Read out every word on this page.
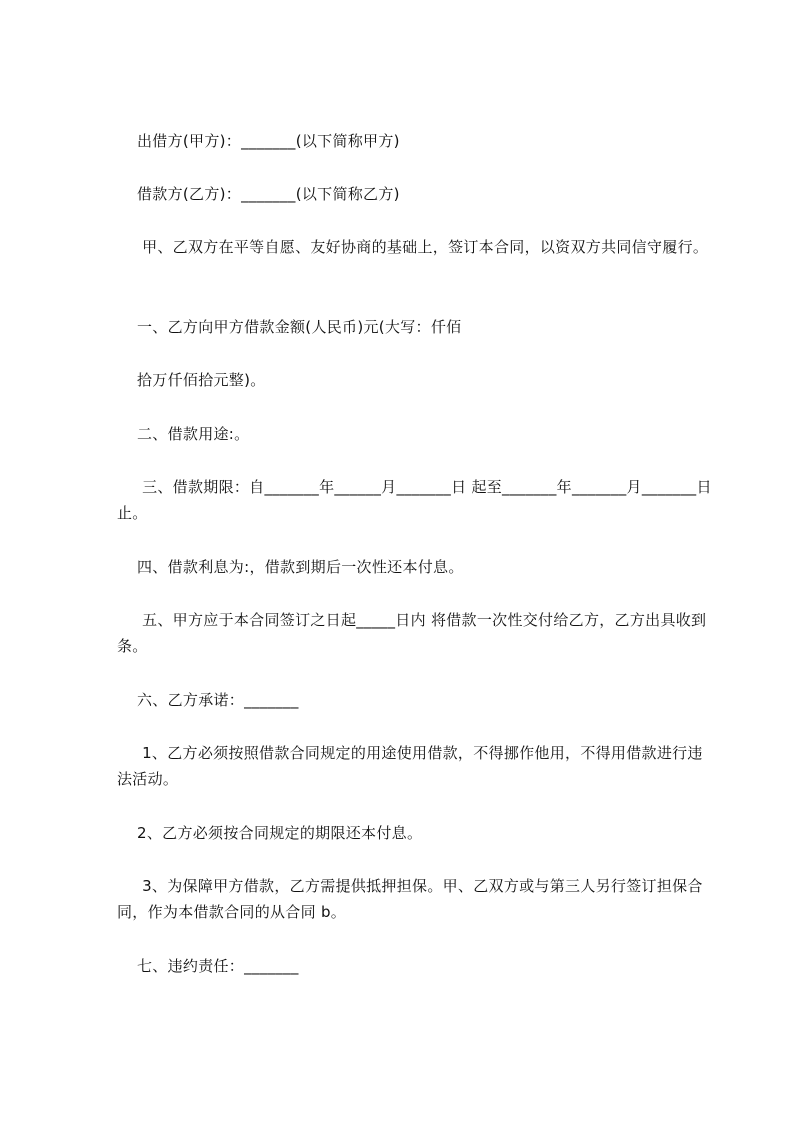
出借方(甲方)：_______(以下简称甲方)

借款方(乙方)：_______(以下简称乙方)

甲、乙双方在平等自愿、友好协商的基础上，签订本合同，以资双方共同信守履行。

一、乙方向甲方借款金额(人民币)元(大写：仟佰

拾万仟佰拾元整)。

二、借款用途:。

三、借款期限：自_______年______月_______日 起至_______年_______月_______日 止。

四、借款利息为:，借款到期后一次性还本付息。

五、甲方应于本合同签订之日起_____日内 将借款一次性交付给乙方，乙方出具收到条。

六、乙方承诺：_______

1、乙方必须按照借款合同规定的用途使用借款，不得挪作他用，不得用借款进行违法活动。

2、乙方必须按合同规定的期限还本付息。

3、为保障甲方借款，乙方需提供抵押担保。甲、乙双方或与第三人另行签订担保合同，作为本借款合同的从合同 b。

七、违约责任：_______
